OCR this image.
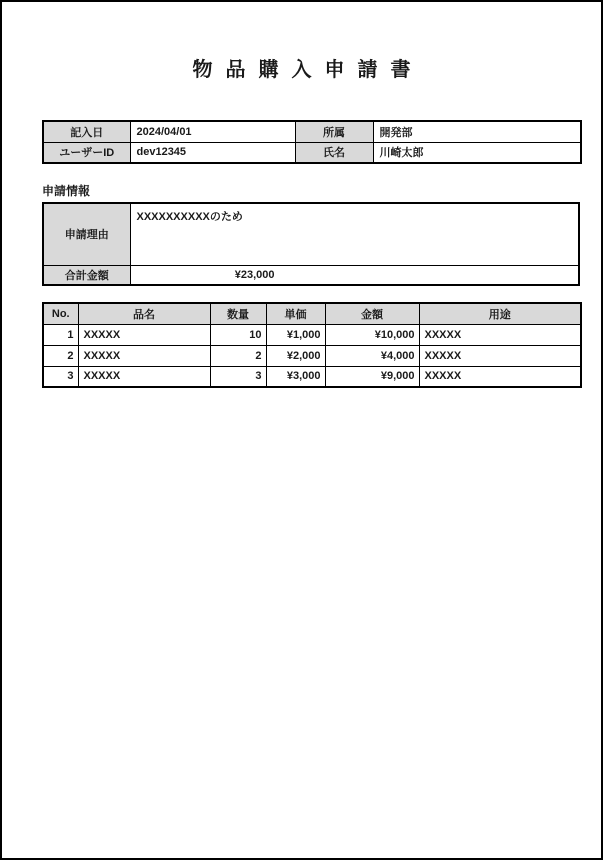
物品購入申請書
記入日	2024/04/01	所属	開発部
ユーザーID	dev12345	氏名	川崎太郎
申請情報
申請理由	XXXXXXXXXXのため
合計金額	¥23,000
No.	品名	数量	単価	金額	用途
1	XXXXX	10	¥1,000	¥10,000	XXXXX
2	XXXXX	2	¥2,000	¥4,000	XXXXX
3	XXXXX	3	¥3,000	¥9,000	XXXXX
